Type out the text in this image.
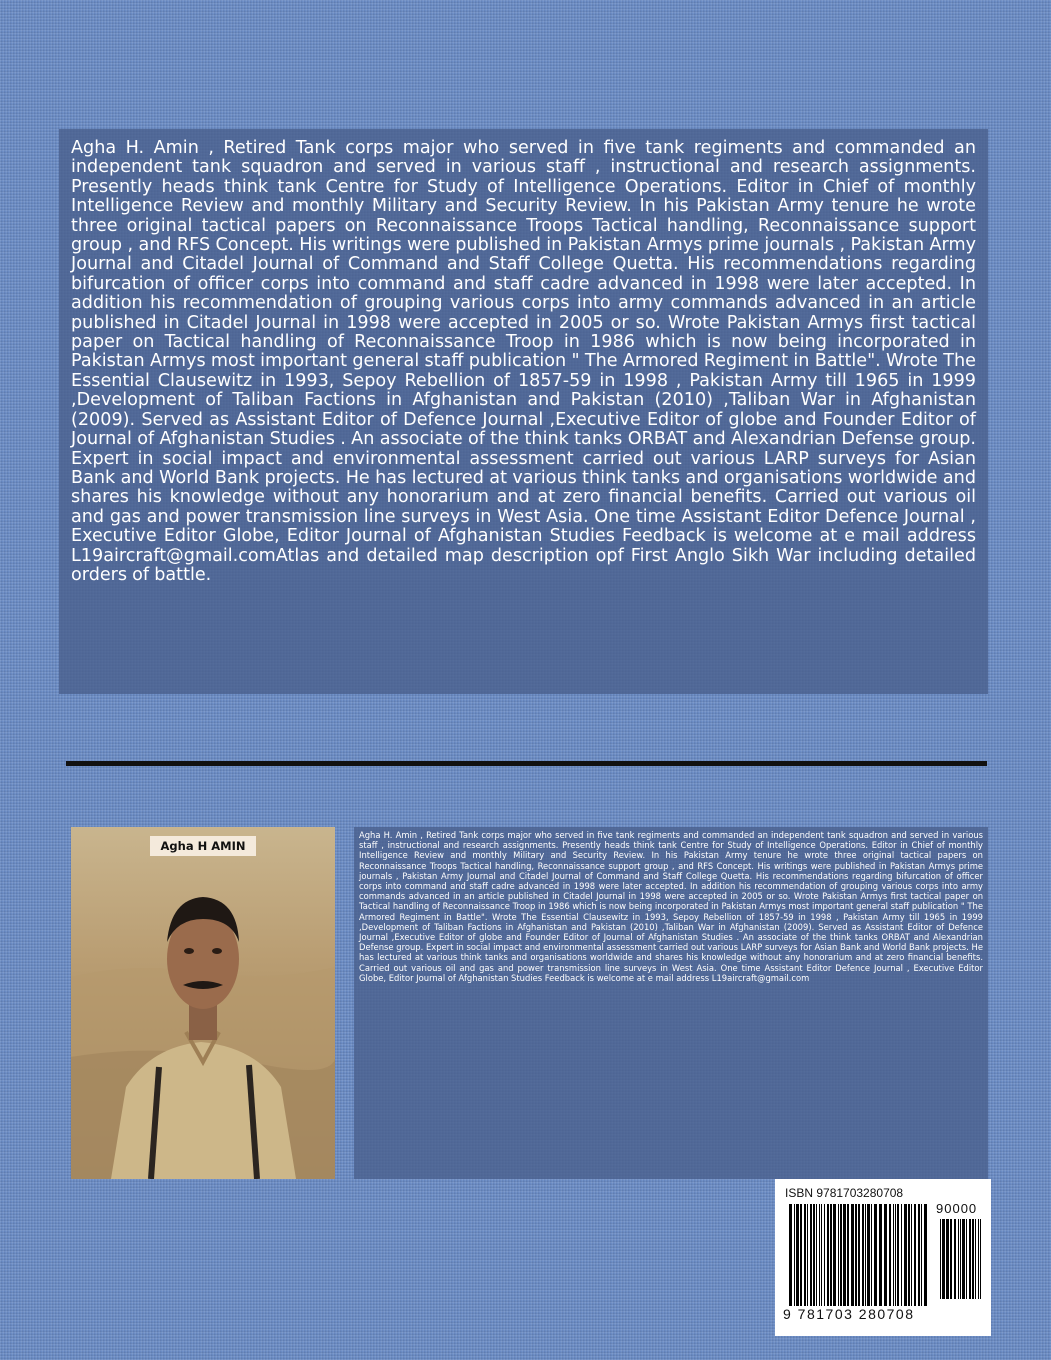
Agha H. Amin , Retired Tank corps major who served in five tank regiments and commanded an independent tank squadron and served in various staff , instructional and research assignments. Presently heads think tank Centre for Study of Intelligence Operations. Editor in Chief of monthly Intelligence Review and monthly Military and Security Review. In his Pakistan Army tenure he wrote three original tactical papers on Reconnaissance Troops Tactical handling, Reconnaissance support group , and RFS Concept. His writings were published in Pakistan Armys prime journals , Pakistan Army Journal and Citadel Journal of Command and Staff College Quetta. His recommendations regarding bifurcation of officer corps into command and staff cadre advanced in 1998 were later accepted. In addition his recommendation of grouping various corps into army commands advanced in an article published in Citadel Journal in 1998 were accepted in 2005 or so. Wrote Pakistan Armys first tactical paper on Tactical handling of Reconnaissance Troop in 1986 which is now being incorporated in Pakistan Armys most important general staff publication " The Armored Regiment in Battle". Wrote The Essential Clausewitz in 1993, Sepoy Rebellion of 1857-59 in 1998 , Pakistan Army till 1965 in 1999 ,Development of Taliban Factions in Afghanistan and Pakistan (2010) ,Taliban War in Afghanistan (2009). Served as Assistant Editor of Defence Journal ,Executive Editor of globe and Founder Editor of Journal of Afghanistan Studies . An associate of the think tanks ORBAT and Alexandrian Defense group. Expert in social impact and environmental assessment carried out various LARP surveys for Asian Bank and World Bank projects. He has lectured at various think tanks and organisations worldwide and shares his knowledge without any honorarium and at zero financial benefits. Carried out various oil and gas and power transmission line surveys in West Asia. One time Assistant Editor Defence Journal , Executive Editor Globe, Editor Journal of Afghanistan Studies Feedback is welcome at e mail address L19aircraft@gmail.comAtlas and detailed map description opf First Anglo Sikh War including detailed orders of battle.

Agha H AMIN

Agha H. Amin , Retired Tank corps major who served in five tank regiments and commanded an independent tank squadron and served in various staff , instructional and research assignments. Presently heads think tank Centre for Study of Intelligence Operations. Editor in Chief of monthly Intelligence Review and monthly Military and Security Review. In his Pakistan Army tenure he wrote three original tactical papers on Reconnaissance Troops Tactical handling, Reconnaissance support group , and RFS Concept. His writings were published in Pakistan Armys prime journals , Pakistan Army Journal and Citadel Journal of Command and Staff College Quetta. His recommendations regarding bifurcation of officer corps into command and staff cadre advanced in 1998 were later accepted. In addition his recommendation of grouping various corps into army commands advanced in an article published in Citadel Journal in 1998 were accepted in 2005 or so. Wrote Pakistan Armys first tactical paper on Tactical handling of Reconnaissance Troop in 1986 which is now being incorporated in Pakistan Armys most important general staff publication " The Armored Regiment in Battle". Wrote The Essential Clausewitz in 1993, Sepoy Rebellion of 1857-59 in 1998 , Pakistan Army till 1965 in 1999 ,Development of Taliban Factions in Afghanistan and Pakistan (2010) ,Taliban War in Afghanistan (2009). Served as Assistant Editor of Defence Journal ,Executive Editor of globe and Founder Editor of Journal of Afghanistan Studies . An associate of the think tanks ORBAT and Alexandrian Defense group. Expert in social impact and environmental assessment carried out various LARP surveys for Asian Bank and World Bank projects. He has lectured at various think tanks and organisations worldwide and shares his knowledge without any honorarium and at zero financial benefits. Carried out various oil and gas and power transmission line surveys in West Asia. One time Assistant Editor Defence Journal , Executive Editor Globe, Editor Journal of Afghanistan Studies Feedback is welcome at e mail address L19aircraft@gmail.com

ISBN 9781703280708
90000
9 781703 280708
